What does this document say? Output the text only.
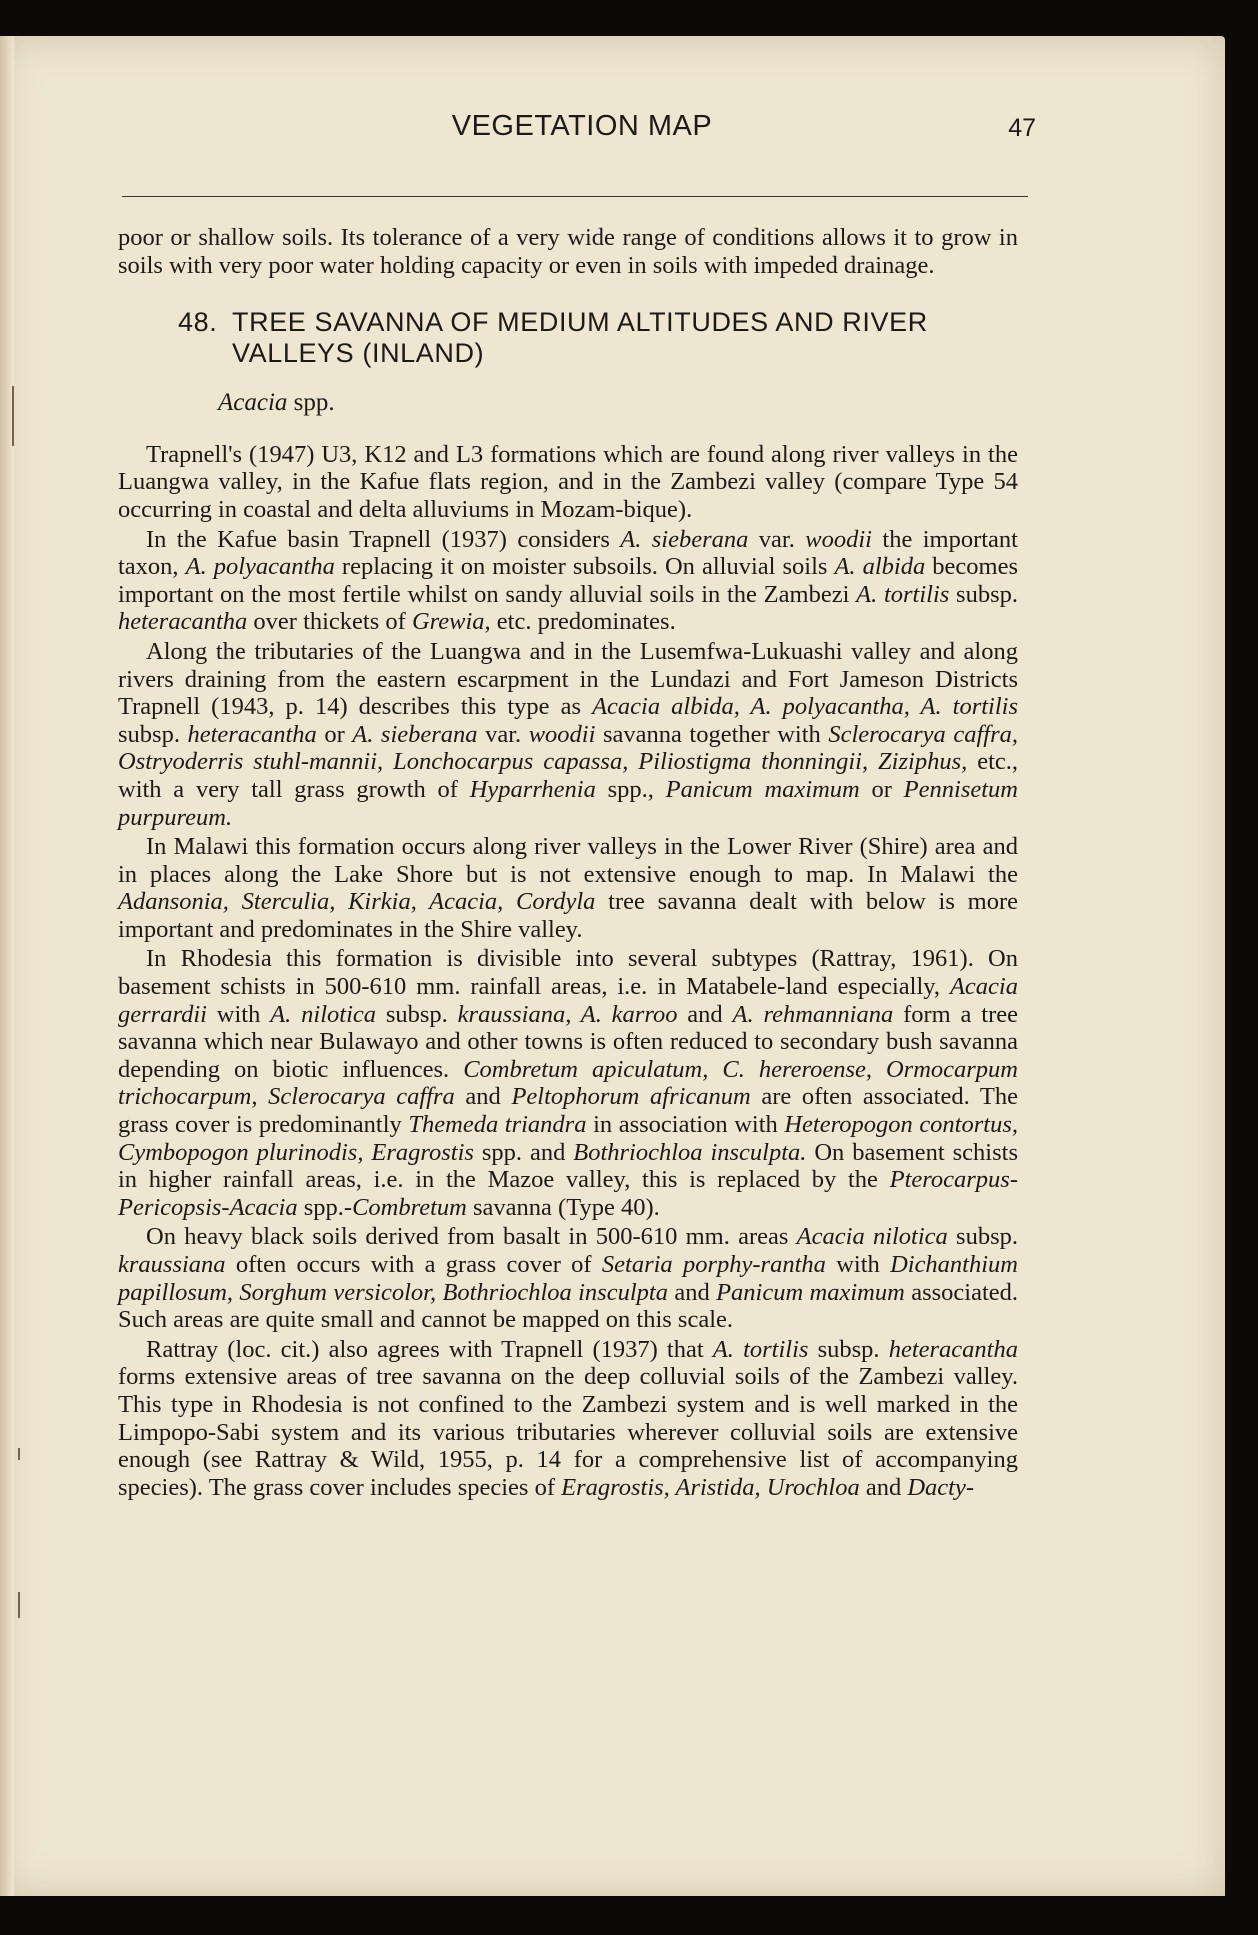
VEGETATION MAP	47

poor or shallow soils. Its tolerance of a very wide range of conditions allows it to grow in soils with very poor water holding capacity or even in soils with impeded drainage.

48. TREE SAVANNA OF MEDIUM ALTITUDES AND RIVER VALLEYS (INLAND)
Acacia spp.

Trapnell's (1947) U3, K12 and L3 formations which are found along river valleys in the Luangwa valley, in the Kafue flats region, and in the Zambezi valley (compare Type 54 occurring in coastal and delta alluviums in Mozam-bique).

In the Kafue basin Trapnell (1937) considers A. sieberana var. woodii the important taxon, A. polyacantha replacing it on moister subsoils. On alluvial soils A. albida becomes important on the most fertile whilst on sandy alluvial soils in the Zambezi A. tortilis subsp. heteracantha over thickets of Grewia, etc. predominates.

Along the tributaries of the Luangwa and in the Lusemfwa-Lukuashi valley and along rivers draining from the eastern escarpment in the Lundazi and Fort Jameson Districts Trapnell (1943, p. 14) describes this type as Acacia albida, A. polyacantha, A. tortilis subsp. heteracantha or A. sieberana var. woodii savanna together with Sclerocarya caffra, Ostryoderris stuhl-mannii, Lonchocarpus capassa, Piliostigma thonningii, Ziziphus, etc., with a very tall grass growth of Hyparrhenia spp., Panicum maximum or Pennisetum purpureum.

In Malawi this formation occurs along river valleys in the Lower River (Shire) area and in places along the Lake Shore but is not extensive enough to map. In Malawi the Adansonia, Sterculia, Kirkia, Acacia, Cordyla tree savanna dealt with below is more important and predominates in the Shire valley.

In Rhodesia this formation is divisible into several subtypes (Rattray, 1961). On basement schists in 500-610 mm. rainfall areas, i.e. in Matabele-land especially, Acacia gerrardii with A. nilotica subsp. kraussiana, A. karroo and A. rehmanniana form a tree savanna which near Bulawayo and other towns is often reduced to secondary bush savanna depending on biotic influences. Combretum apiculatum, C. hereroense, Ormocarpum trichocarpum, Sclerocarya caffra and Peltophorum africanum are often associated. The grass cover is predominantly Themeda triandra in association with Heteropogon contortus, Cymbopogon plurinodis, Eragrostis spp. and Bothriochloa insculpta. On basement schists in higher rainfall areas, i.e. in the Mazoe valley, this is replaced by the Pterocarpus-Pericopsis-Acacia spp.-Combretum savanna (Type 40).

On heavy black soils derived from basalt in 500-610 mm. areas Acacia nilotica subsp. kraussiana often occurs with a grass cover of Setaria porphy-rantha with Dichanthium papillosum, Sorghum versicolor, Bothriochloa insculpta and Panicum maximum associated. Such areas are quite small and cannot be mapped on this scale.

Rattray (loc. cit.) also agrees with Trapnell (1937) that A. tortilis subsp. heteracantha forms extensive areas of tree savanna on the deep colluvial soils of the Zambezi valley. This type in Rhodesia is not confined to the Zambezi system and is well marked in the Limpopo-Sabi system and its various tributaries wherever colluvial soils are extensive enough (see Rattray & Wild, 1955, p. 14 for a comprehensive list of accompanying species). The grass cover includes species of Eragrostis, Aristida, Urochloa and Dacty-
